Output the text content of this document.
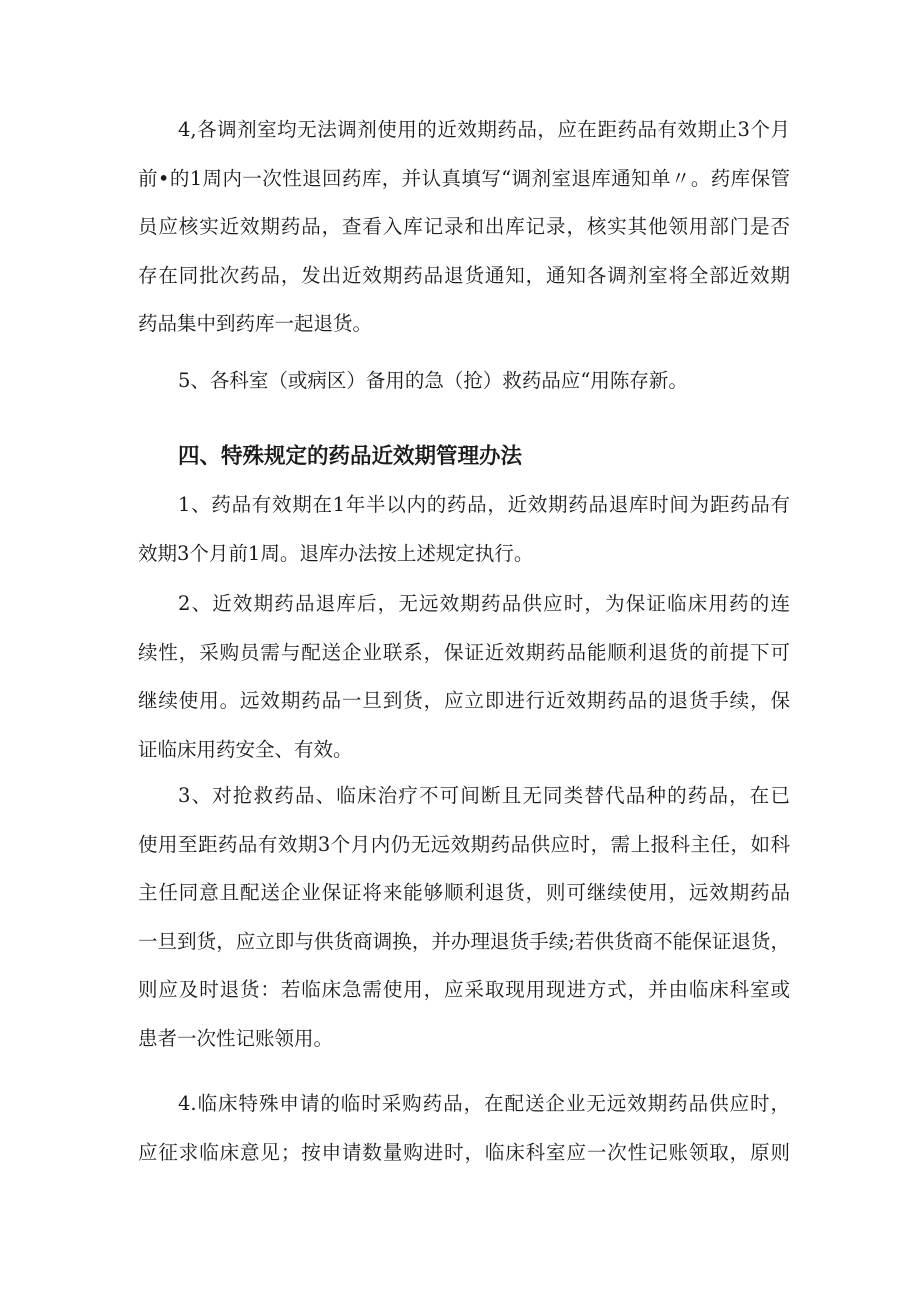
4,各调剂室均无法调剂使用的近效期药品，应在距药品有效期止3个月
前•的1周内一次性退回药库，并认真填写“调剂室退库通知单〃。药库保管
员应核实近效期药品，查看入库记录和出库记录，核实其他领用部门是否
存在同批次药品，发出近效期药品退货通知，通知各调剂室将全部近效期
药品集中到药库一起退货。
5、各科室（或病区）备用的急（抢）救药品应“用陈存新。
四、特殊规定的药品近效期管理办法
1、药品有效期在1年半以内的药品，近效期药品退库时间为距药品有
效期3个月前1周。退库办法按上述规定执行。
2、近效期药品退库后，无远效期药品供应时，为保证临床用药的连
续性，采购员需与配送企业联系，保证近效期药品能顺利退货的前提下可
继续使用。远效期药品一旦到货，应立即进行近效期药品的退货手续，保
证临床用药安全、有效。
3、对抢救药品、临床治疗不可间断且无同类替代品种的药品，在已
使用至距药品有效期3个月内仍无远效期药品供应时，需上报科主任，如科
主任同意且配送企业保证将来能够顺利退货，则可继续使用，远效期药品
一旦到货，应立即与供货商调换，并办理退货手续;若供货商不能保证退货，
则应及时退货：若临床急需使用，应采取现用现进方式，并由临床科室或
患者一次性记账领用。
4.临床特殊申请的临时采购药品，在配送企业无远效期药品供应时，
应征求临床意见；按申请数量购进时，临床科室应一次性记账领取，原则
